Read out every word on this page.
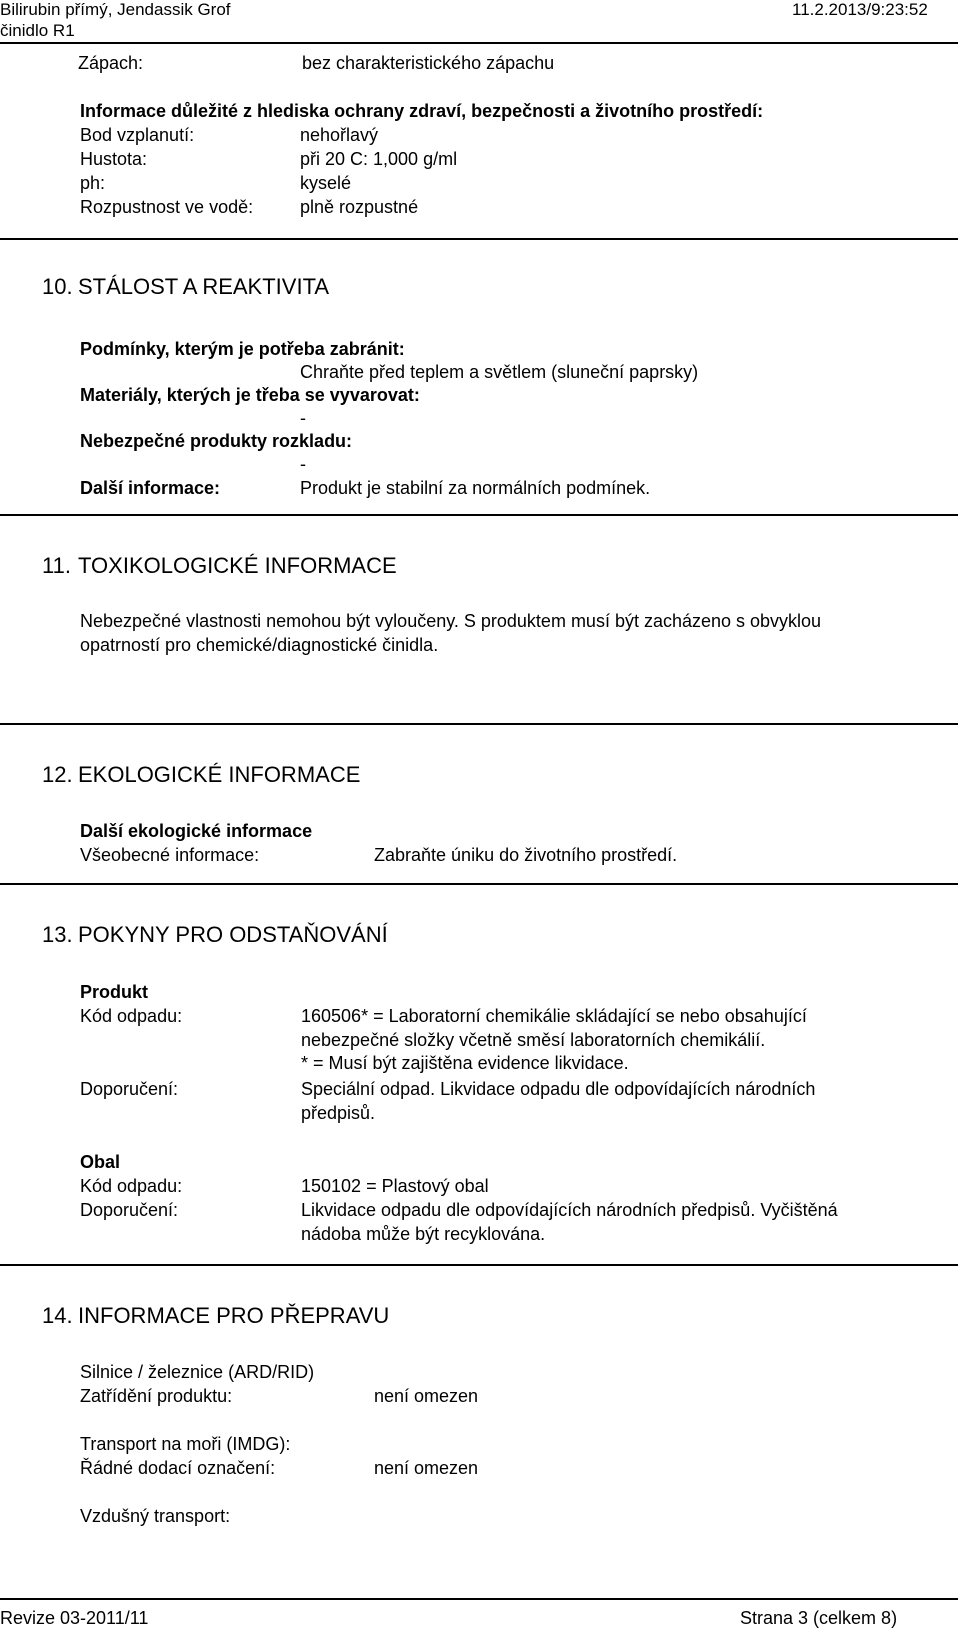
Bilirubin přímý, Jendassik Grof
činidlo R1
11.2.2013/9:23:52
Zápach:	bez charakteristického zápachu
Informace důležité z hlediska ochrany zdraví, bezpečnosti a životního prostředí:
Bod vzplanutí:	nehořlavý
Hustota:	při 20 C: 1,000 g/ml
ph:	kyselé
Rozpustnost ve vodě:	plně rozpustné
10. STÁLOST A REAKTIVITA
Podmínky, kterým je potřeba zabránit:
Chraňte před teplem a světlem (sluneční paprsky)
Materiály, kterých je třeba se vyvarovat:
-
Nebezpečné produkty rozkladu:
-
Další informace:	Produkt je stabilní za normálních podmínek.
11. TOXIKOLOGICKÉ INFORMACE
Nebezpečné vlastnosti nemohou být vyloučeny. S produktem musí být zacházeno s obvyklou
opatrností pro chemické/diagnostické činidla.
12. EKOLOGICKÉ INFORMACE
Další ekologické informace
Všeobecné informace:	Zabraňte úniku do životního prostředí.
13. POKYNY PRO ODSTAŇOVÁNÍ
Produkt
Kód odpadu:	160506* = Laboratorní chemikálie skládající se nebo obsahující
nebezpečné složky včetně směsí laboratorních chemikálií.
* = Musí být zajištěna evidence likvidace.
Doporučení:	Speciální odpad. Likvidace odpadu dle odpovídajících národních
předpisů.
Obal
Kód odpadu:	150102 = Plastový obal
Doporučení:	Likvidace odpadu dle odpovídajících národních předpisů. Vyčištěná
nádoba může být recyklována.
14. INFORMACE PRO PŘEPRAVU
Silnice / železnice (ARD/RID)
Zatřídění produktu:	není omezen
Transport na moři (IMDG):
Řádné dodací označení:	není omezen
Vzdušný transport:
Revize 03-2011/11	Strana 3 (celkem 8)
